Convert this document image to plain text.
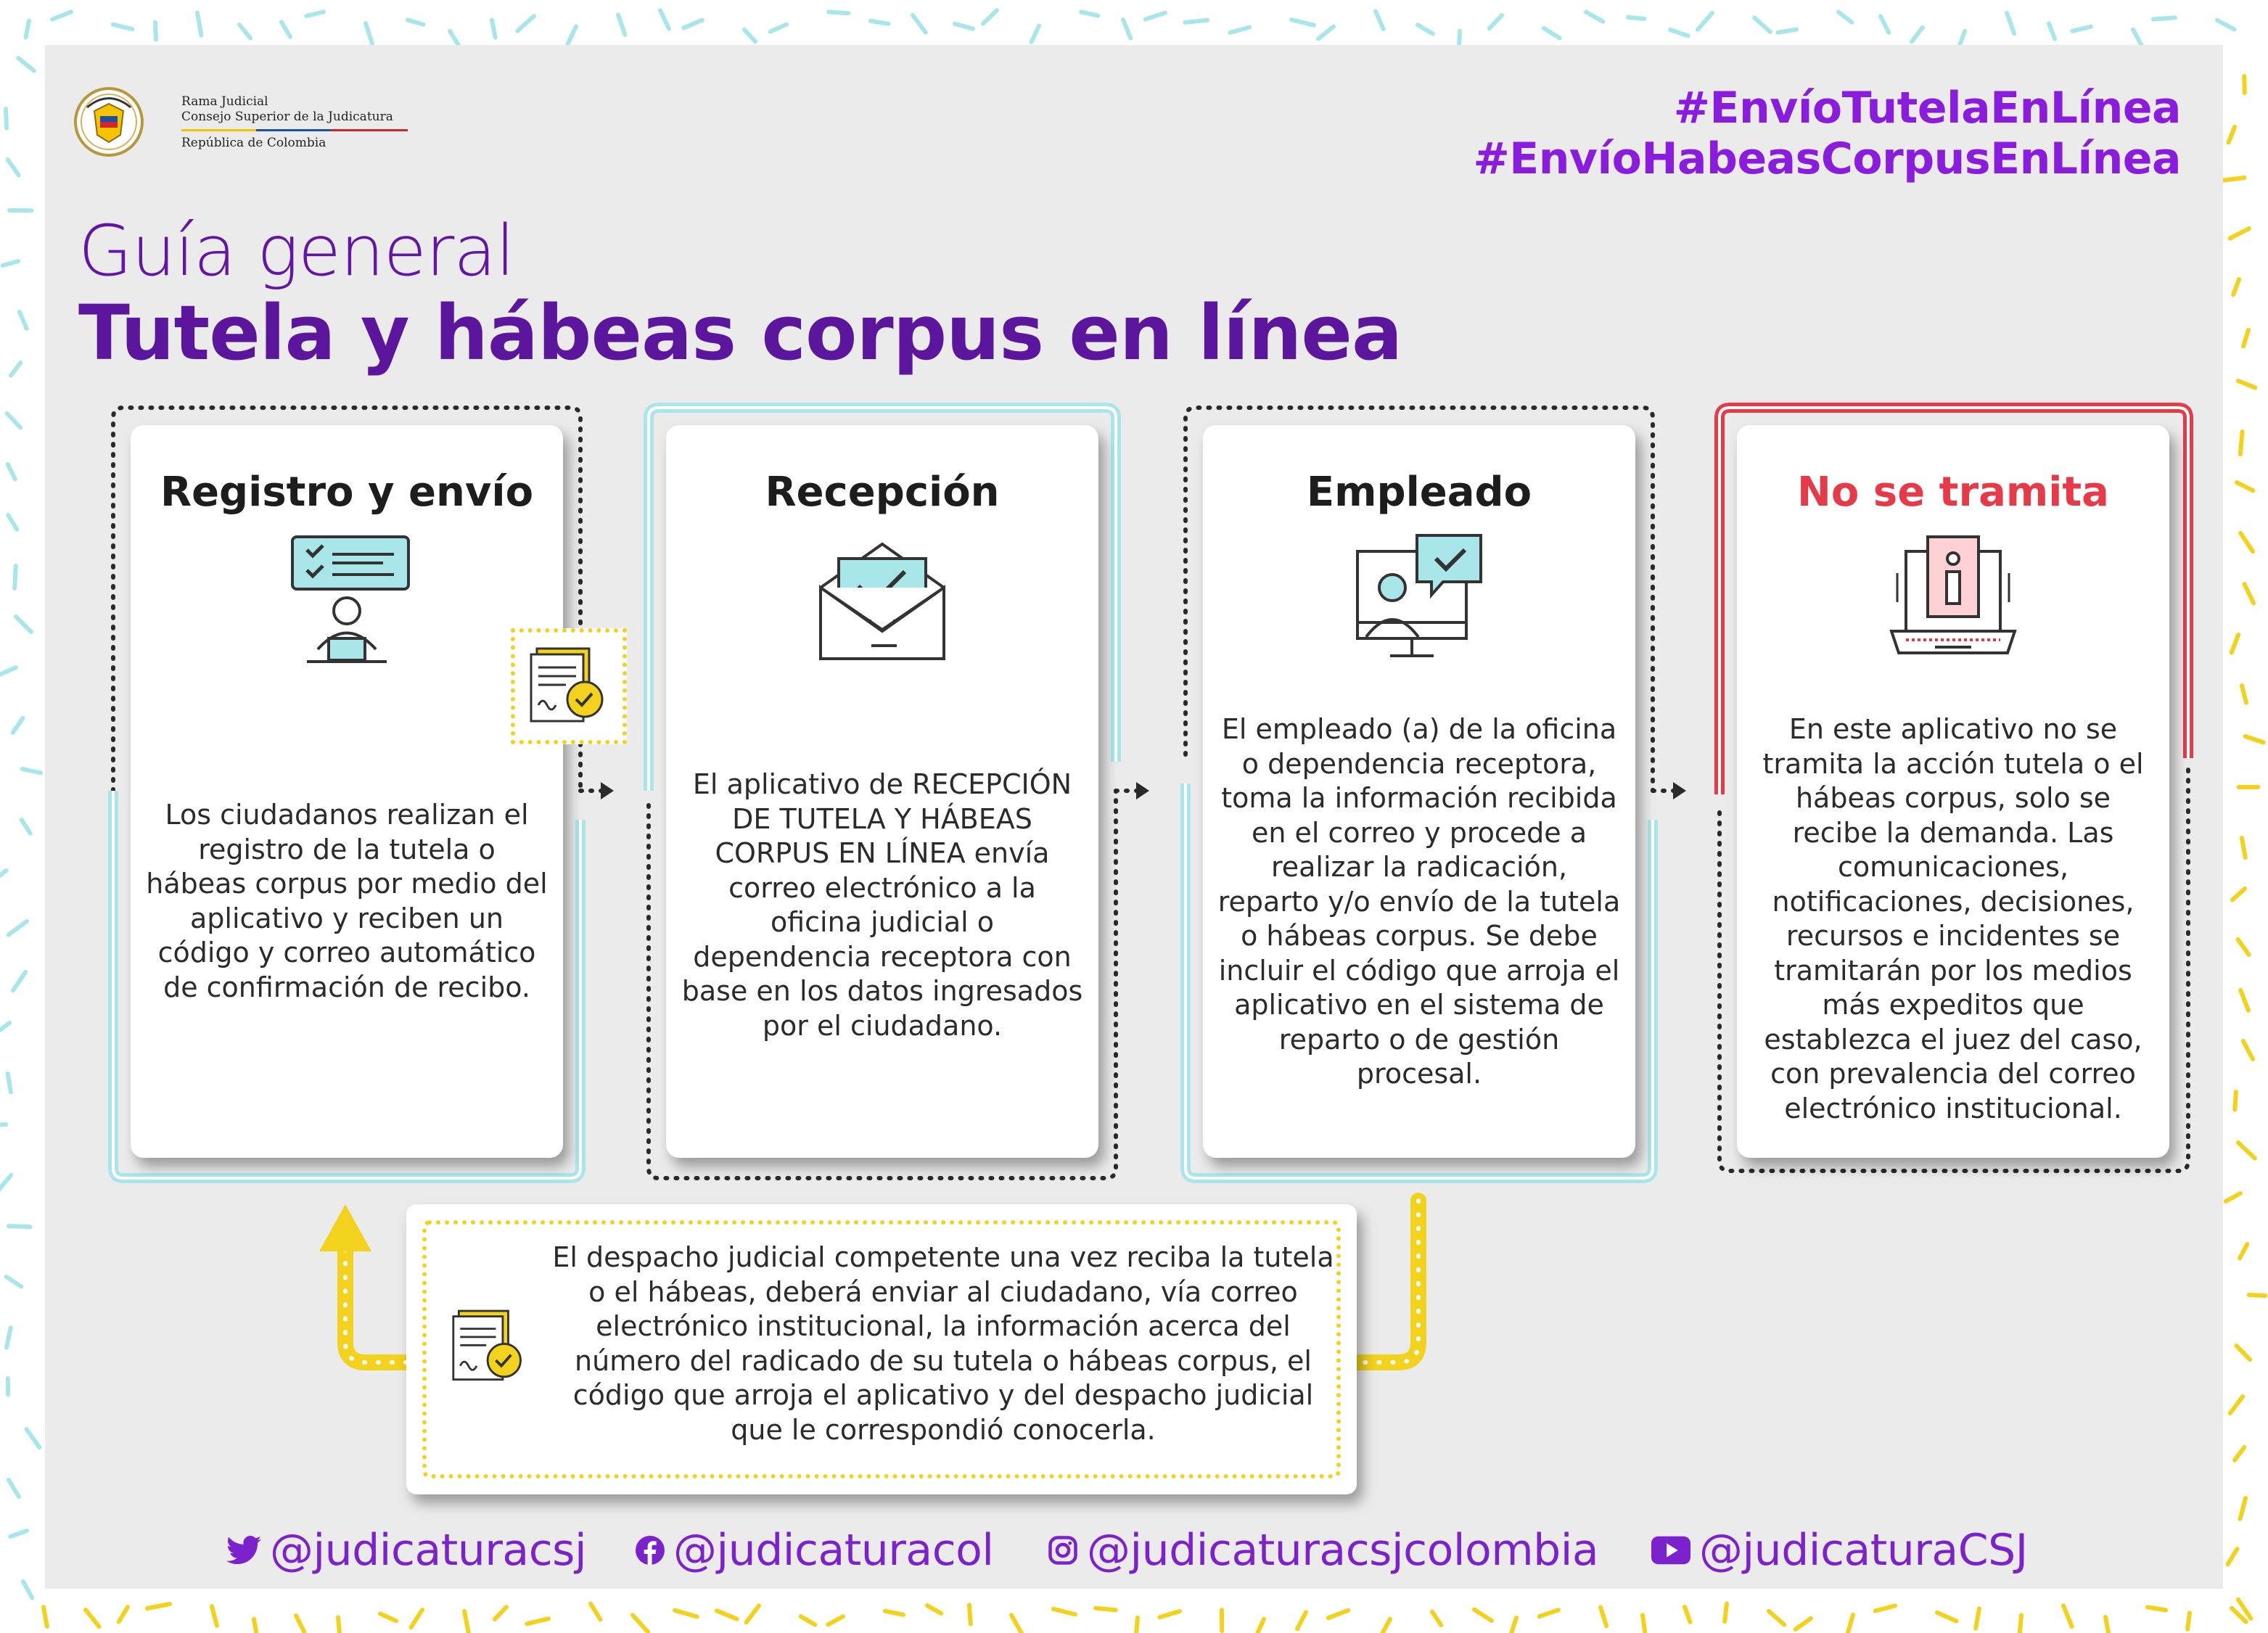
Rama Judicial
Consejo Superior de la Judicatura
República de Colombia
#EnvíoTutelaEnLínea
#EnvíoHabeasCorpusEnLínea
Guía general
Tutela y hábeas corpus en línea
Registro y envío
Los ciudadanos realizan el registro de la tutela o hábeas corpus por medio del aplicativo y reciben un código y correo automático de confirmación de recibo.
Recepción
El aplicativo de RECEPCIÓN DE TUTELA Y HÁBEAS CORPUS EN LÍNEA envía correo electrónico a la oficina judicial o dependencia receptora con base en los datos ingresados por el ciudadano.
Empleado
El empleado (a) de la oficina o dependencia receptora, toma la información recibida en el correo y procede a realizar la radicación, reparto y/o envío de la tutela o hábeas corpus. Se debe incluir el código que arroja el aplicativo en el sistema de reparto o de gestión procesal.
No se tramita
En este aplicativo no se tramita la acción tutela o el hábeas corpus, solo se recibe la demanda. Las comunicaciones, notificaciones, decisiones, recursos e incidentes se tramitarán por los medios más expeditos que establezca el juez del caso, con prevalencia del correo electrónico institucional.
El despacho judicial competente una vez reciba la tutela o el hábeas, deberá enviar al ciudadano, vía correo electrónico institucional, la información acerca del número del radicado de su tutela o hábeas corpus, el código que arroja el aplicativo y del despacho judicial que le correspondió conocerla.
@judicaturacsj @judicaturacol @judicaturacsjcolombia @judicaturaCSJ
